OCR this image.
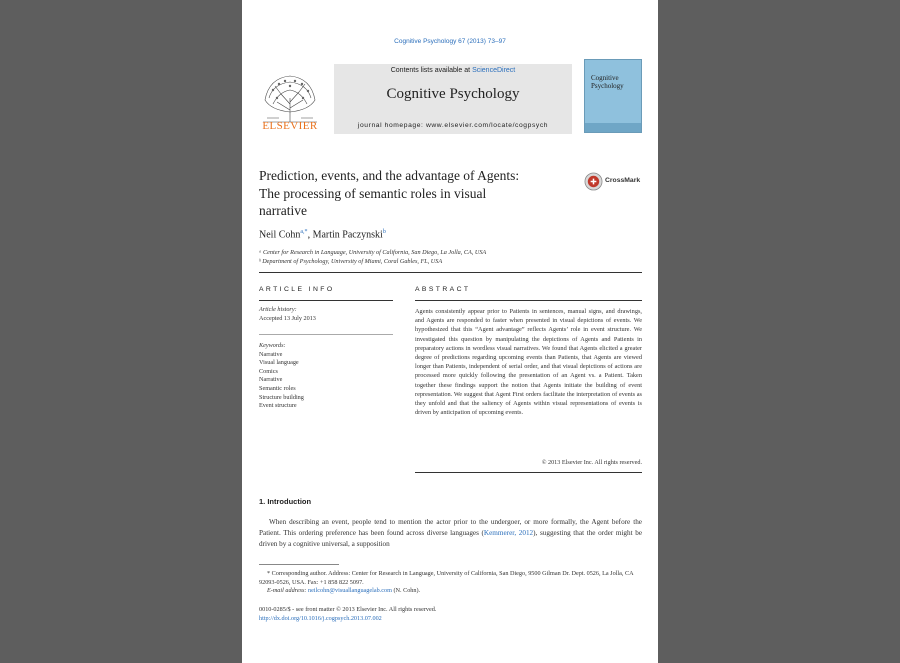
Cognitive Psychology 67 (2013) 73–97
ELSEVIER
Contents lists available at ScienceDirect
Cognitive Psychology
journal homepage: www.elsevier.com/locate/cogpsych
Cognitive Psychology
Prediction, events, and the advantage of Agents:
The processing of semantic roles in visual
narrative
CrossMark
Neil Cohn$^{a,*}$, Martin Paczynski$^b$
ᵃ Center for Research in Language, University of California, San Diego, La Jolla, CA, USA
ᵇ Department of Psychology, University of Miami, Coral Gables, FL, USA
ARTICLE INFO	ABSTRACT
Article history:
Accepted 13 July 2013
Keywords:
Narrative
Visual language
Comics
Narrative
Semantic roles
Structure building
Event structure
Agents consistently appear prior to Patients in sentences, manual signs, and drawings, and Agents are responded to faster when presented in visual depictions of events. We hypothesized that this “Agent advantage” reflects Agents’ role in event structure. We investigated this question by manipulating the depictions of Agents and Patients in preparatory actions in wordless visual narratives. We found that Agents elicited a greater degree of predictions regarding upcoming events than Patients, that Agents are viewed longer than Patients, independent of serial order, and that visual depictions of actions are processed more quickly following the presentation of an Agent vs. a Patient. Taken together these findings support the notion that Agents initiate the building of event representation. We suggest that Agent First orders facilitate the interpretation of events as they unfold and that the saliency of Agents within visual representations of events is driven by anticipation of upcoming events.
© 2013 Elsevier Inc. All rights reserved.
1. Introduction
When describing an event, people tend to mention the actor prior to the undergoer, or more formally, the Agent before the Patient. This ordering preference has been found across diverse languages (Kemmerer, 2012), suggesting that the order might be driven by a cognitive universal, a supposition
* Corresponding author. Address: Center for Research in Language, University of California, San Diego, 9500 Gilman Dr. Dept. 0526, La Jolla, CA 92093-0526, USA. Fax: +1 858 822 5097.
E-mail address: neilcohn@visuallanguagelab.com (N. Cohn).
0010-0285/$ - see front matter © 2013 Elsevier Inc. All rights reserved.
http://dx.doi.org/10.1016/j.cogpsych.2013.07.002
